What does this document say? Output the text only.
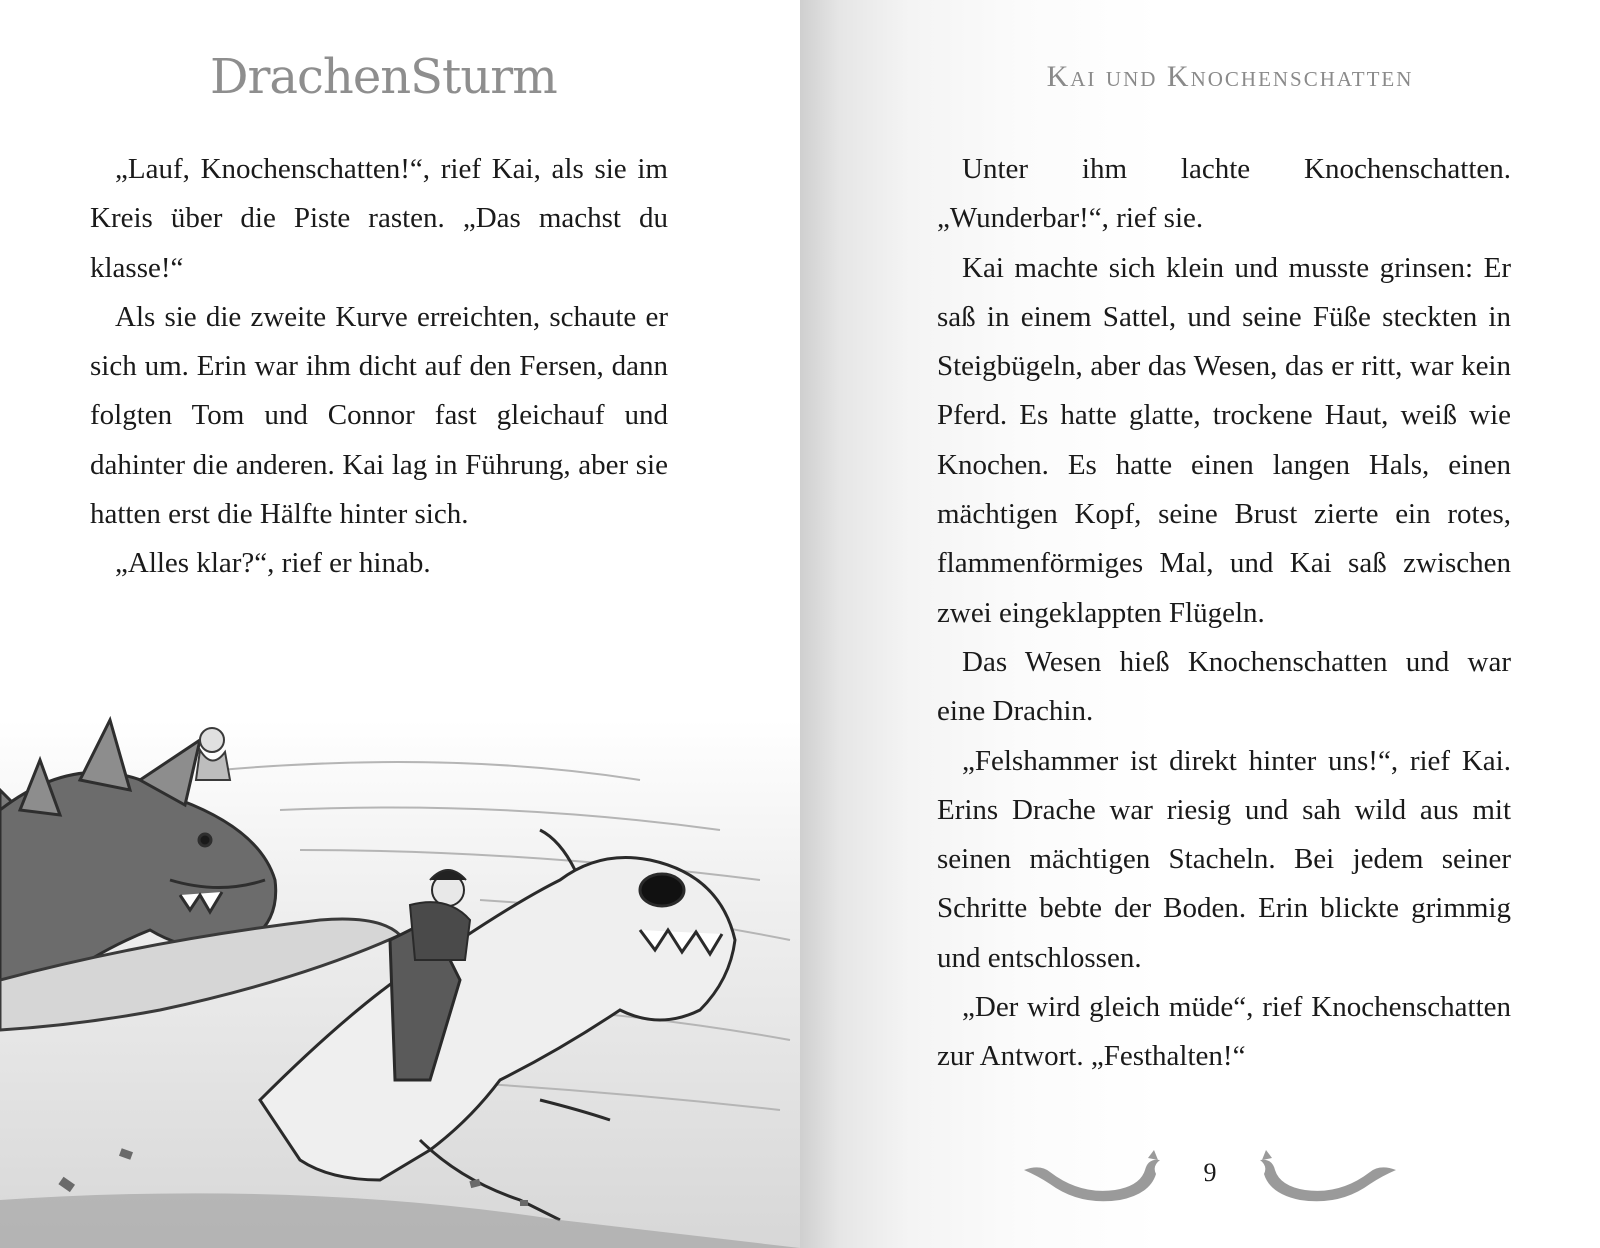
DrachenSturm

„Lauf, Knochenschatten!“, rief Kai, als sie im Kreis über die Piste rasten. „Das machst du klasse!“

Als sie die zweite Kurve erreichten, schaute er sich um. Erin war ihm dicht auf den Fersen, dann folgten Tom und Connor fast gleichauf und dahinter die anderen. Kai lag in Führung, aber sie hatten erst die Hälfte hinter sich.

„Alles klar?“, rief er hinab.

Kai und Knochenschatten

Unter ihm lachte Knochenschatten. „Wunderbar!“, rief sie.

Kai machte sich klein und musste grinsen: Er saß in einem Sattel, und seine Füße steckten in Steigbügeln, aber das Wesen, das er ritt, war kein Pferd. Es hatte glatte, trockene Haut, weiß wie Knochen. Es hatte einen langen Hals, einen mächtigen Kopf, seine Brust zierte ein rotes, flammenförmiges Mal, und Kai saß zwischen zwei eingeklappten Flügeln.

Das Wesen hieß Knochenschatten und war eine Drachin.

„Felshammer ist direkt hinter uns!“, rief Kai. Erins Drache war riesig und sah wild aus mit seinen mächtigen Stacheln. Bei jedem seiner Schritte bebte der Boden. Erin blickte grimmig und entschlossen.

„Der wird gleich müde“, rief Knochenschatten zur Antwort. „Festhalten!“

9
